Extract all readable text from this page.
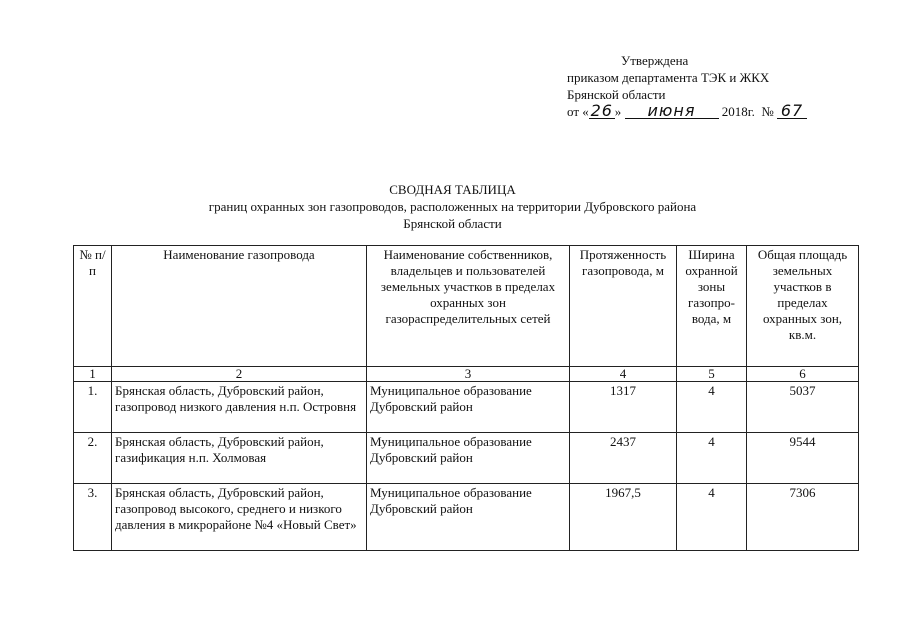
Утверждена
приказом департамента ТЭК и ЖКХ
Брянской области
от « 26 » июня 2018г. № 67
СВОДНАЯ ТАБЛИЦА
границ охранных зон газопроводов, расположенных на территории Дубровского района
Брянской области
№ п/п	Наименование газопровода	Наименование собственников, владельцев и пользователей земельных участков в пределах охранных зон газораспределительных сетей	Протяженность газопровода, м	Ширина охранной зоны газопро-вода, м	Общая площадь земельных участков в пределах охранных зон, кв.м.
1	2	3	4	5	6
1.	Брянская область, Дубровский район, газопровод низкого давления н.п. Островня	Муниципальное образование Дубровский район	1317	4	5037
2.	Брянская область, Дубровский район, газификация н.п. Холмовая	Муниципальное образование Дубровский район	2437	4	9544
3.	Брянская область, Дубровский район, газопровод высокого, среднего и низкого давления в микрорайоне №4 «Новый Свет»	Муниципальное образование Дубровский район	1967,5	4	7306
